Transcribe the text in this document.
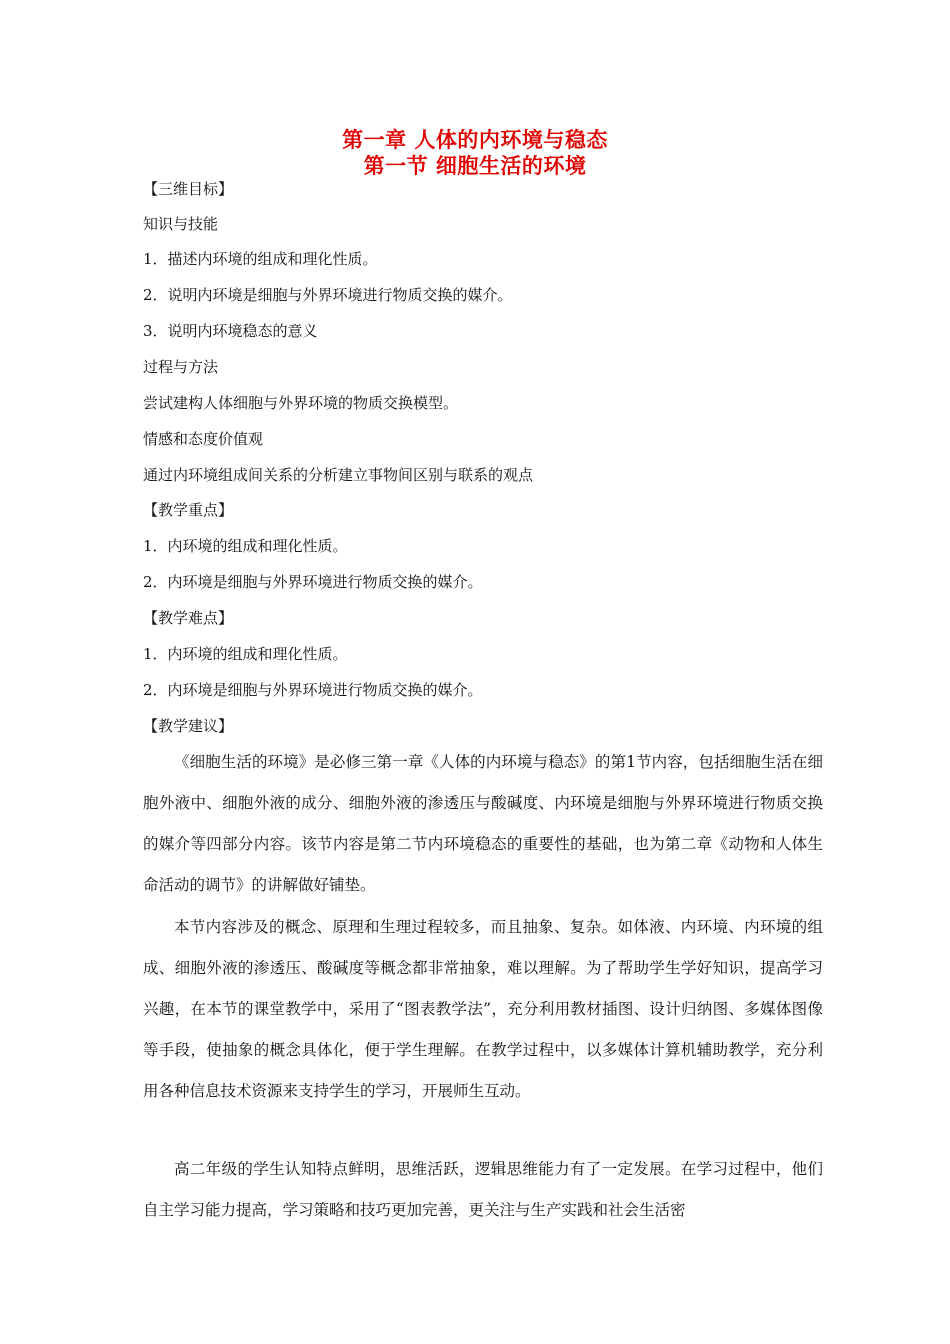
第一章 人体的内环境与稳态
第一节 细胞生活的环境
【三维目标】
知识与技能
1．描述内环境的组成和理化性质。
2．说明内环境是细胞与外界环境进行物质交换的媒介。
3．说明内环境稳态的意义
过程与方法
尝试建构人体细胞与外界环境的物质交换模型。
情感和态度价值观
通过内环境组成间关系的分析建立事物间区别与联系的观点
【教学重点】
1．内环境的组成和理化性质。
2．内环境是细胞与外界环境进行物质交换的媒介。
【教学难点】
1．内环境的组成和理化性质。
2．内环境是细胞与外界环境进行物质交换的媒介。
【教学建议】
《细胞生活的环境》是必修三第一章《人体的内环境与稳态》的第1节内容，包括细胞生活在细胞外液中、细胞外液的成分、细胞外液的渗透压与酸碱度、内环境是细胞与外界环境进行物质交换的媒介等四部分内容。该节内容是第二节内环境稳态的重要性的基础，也为第二章《动物和人体生命活动的调节》的讲解做好铺垫。
本节内容涉及的概念、原理和生理过程较多，而且抽象、复杂。如体液、内环境、内环境的组成、细胞外液的渗透压、酸碱度等概念都非常抽象，难以理解。为了帮助学生学好知识，提高学习兴趣，在本节的课堂教学中，采用了“图表教学法”，充分利用教材插图、设计归纳图、多媒体图像等手段，使抽象的概念具体化，便于学生理解。在教学过程中，以多媒体计算机辅助教学，充分利用各种信息技术资源来支持学生的学习，开展师生互动。
高二年级的学生认知特点鲜明，思维活跃，逻辑思维能力有了一定发展。在学习过程中，他们自主学习能力提高，学习策略和技巧更加完善，更关注与生产实践和社会生活密
